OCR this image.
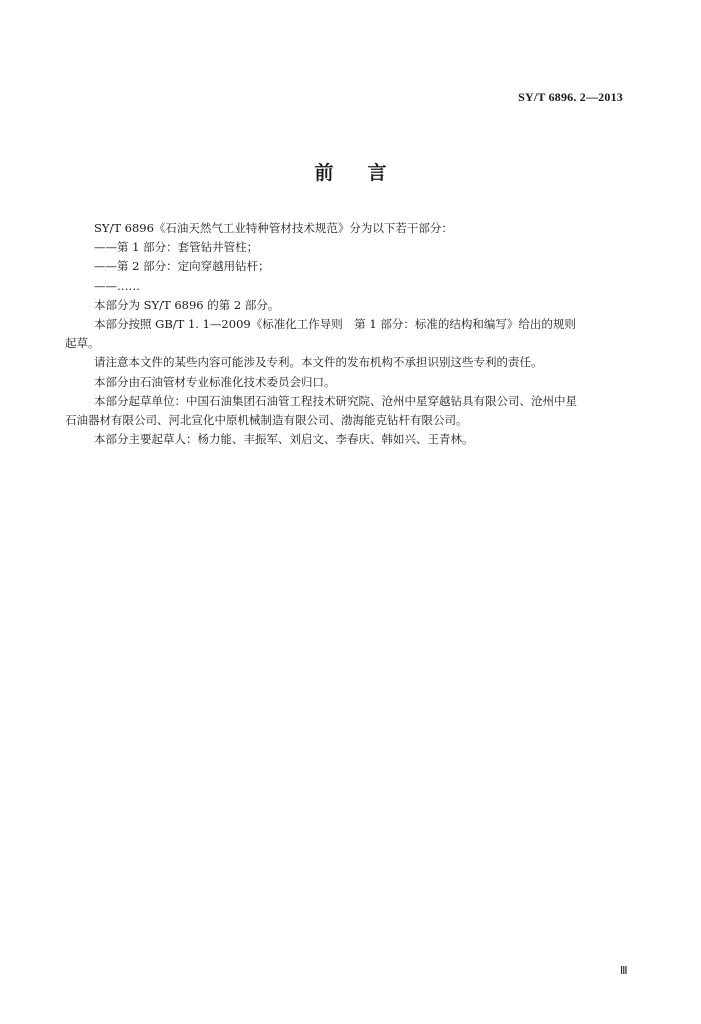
SY/T 6896. 2—2013
前言

SY/T 6896《石油天然气工业特种管材技术规范》分为以下若干部分：

——第 1 部分：套管钻井管柱；

——第 2 部分：定向穿越用钻杆；

——……

本部分为 SY/T 6896 的第 2 部分。

本部分按照 GB/T 1. 1—2009《标准化工作导则　第 1 部分：标准的结构和编写》给出的规则

起草。

请注意本文件的某些内容可能涉及专利。本文件的发布机构不承担识别这些专利的责任。

本部分由石油管材专业标准化技术委员会归口。

本部分起草单位：中国石油集团石油管工程技术研究院、沧州中星穿越钻具有限公司、沧州中星

石油器材有限公司、河北宣化中原机械制造有限公司、渤海能克钻杆有限公司。

本部分主要起草人：杨力能、丰振军、刘启文、李春庆、韩如兴、王青林。

Ⅲ
